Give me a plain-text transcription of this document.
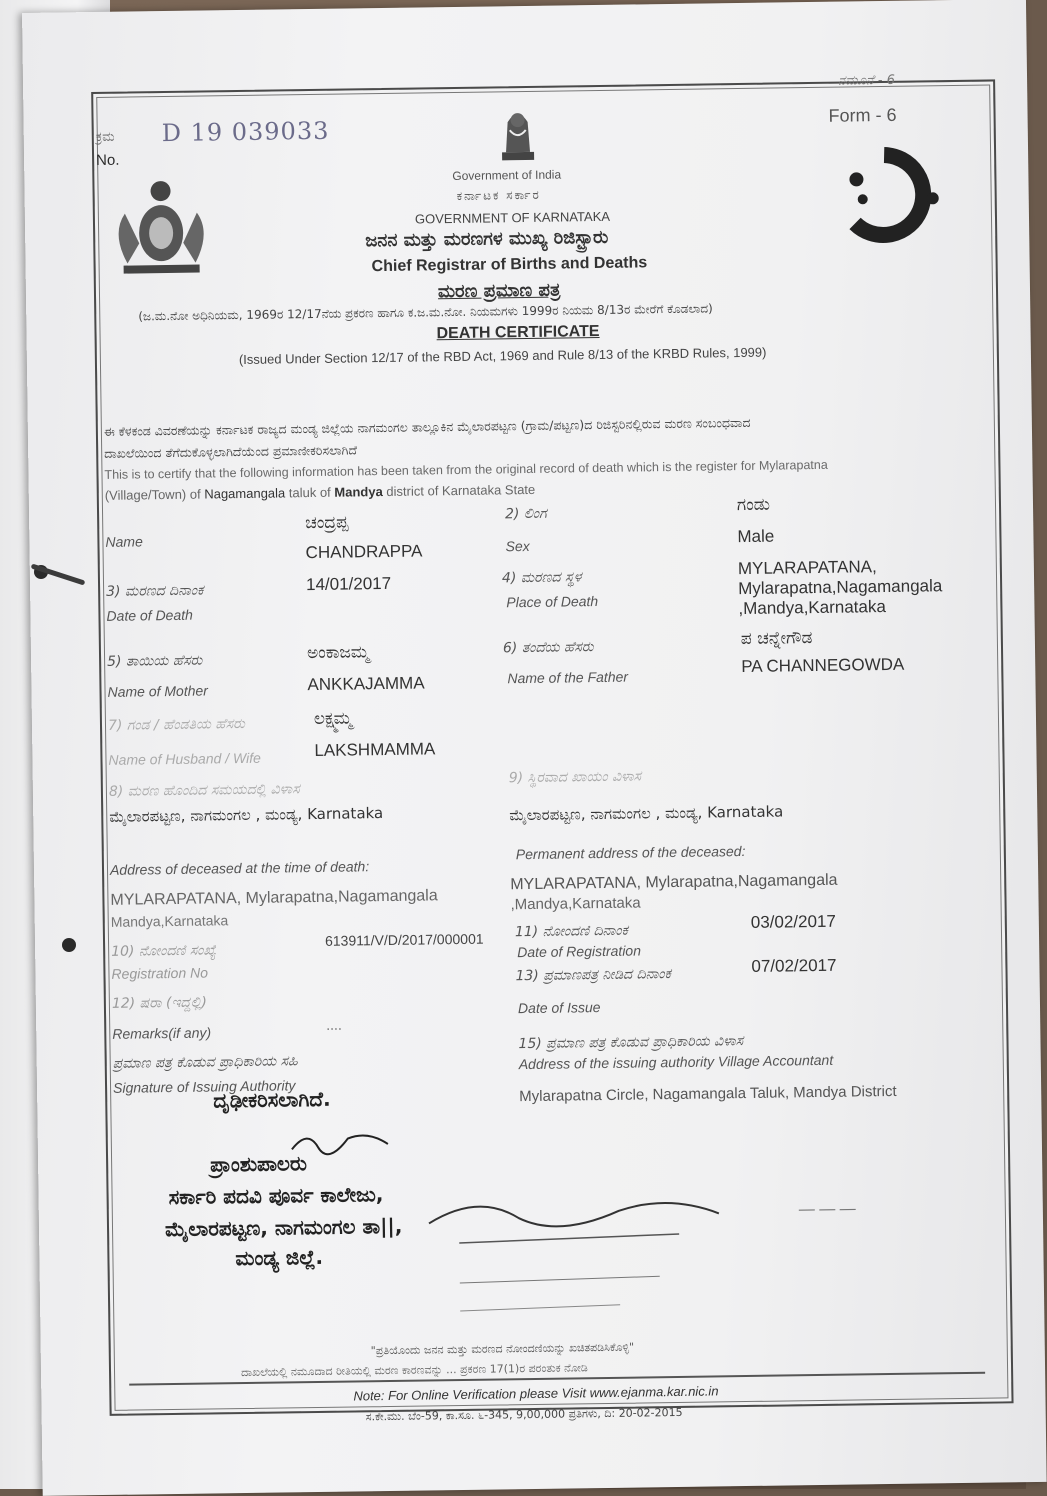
ಕ್ರಮ
No.
D 19 039033
ನಮೂನೆ - 6
Form - 6
Government of India
ಕರ್ನಾಟಕ ಸರ್ಕಾರ
GOVERNMENT OF KARNATAKA
ಜನನ ಮತ್ತು ಮರಣಗಳ ಮುಖ್ಯ ರಿಜಿಸ್ಟ್ರಾರು
Chief Registrar of Births and Deaths
ಮರಣ ಪ್ರಮಾಣ ಪತ್ರ
(ಜ.ಮ.ನೋ ಅಧಿನಿಯಮ, 1969ರ 12/17ನೆಯ ಪ್ರಕರಣ ಹಾಗೂ ಕ.ಜ.ಮ.ನೋ. ನಿಯಮಗಳು 1999ರ ನಿಯಮ 8/13ರ ಮೇರೆಗೆ ಕೊಡಲಾದ)
DEATH CERTIFICATE
(Issued Under Section 12/17 of the RBD Act, 1969 and Rule 8/13 of the KRBD Rules, 1999)
ಈ ಕೆಳಕಂಡ ವಿವರಣೆಯನ್ನು ಕರ್ನಾಟಕ ರಾಜ್ಯದ ಮಂಡ್ಯ ಜಿಲ್ಲೆಯ ನಾಗಮಂಗಲ ತಾಲ್ಲೂಕಿನ ಮೈಲಾರಪಟ್ಟಣ (ಗ್ರಾಮ/ಪಟ್ಟಣ)ದ ರಿಜಿಸ್ಟರಿನಲ್ಲಿರುವ ಮರಣ ಸಂಬಂಧವಾದ
ದಾಖಲೆಯಿಂದ ತೆಗೆದುಕೊಳ್ಳಲಾಗಿದೆಯೆಂದ ಪ್ರಮಾಣೀಕರಿಸಲಾಗಿದೆ
This is to certify that the following information has been taken from the original record of death which is the register for Mylarapatna
(Village/Town) of Nagamangala taluk of Mandya district of Karnataka State
Name
ಚಂದ್ರಪ್ಪ
CHANDRAPPA
2) ಲಿಂಗ
Sex
ಗಂಡು
Male
3) ಮರಣದ ದಿನಾಂಕ
Date of Death
14/01/2017	4) ಮರಣದ ಸ್ಥಳ
Place of Death
MYLARAPATANA,
Mylarapatna,Nagamangala
,Mandya,Karnataka
5) ತಾಯಿಯ ಹೆಸರು
Name of Mother
ಅಂಕಾಜಮ್ಮ
ANKKAJAMMA
6) ತಂದೆಯ ಹೆಸರು
Name of the Father
ಪ ಚನ್ನೇಗೌಡ
PA CHANNEGOWDA
7) ಗಂಡ / ಹೆಂಡತಿಯ ಹೆಸರು
Name of Husband / Wife
ಲಕ್ಷ್ಮಮ್ಮ
LAKSHMAMMA
8) ಮರಣ ಹೊಂದಿದ ಸಮಯದಲ್ಲಿ ವಿಳಾಸ
ಮೈಲಾರಪಟ್ಟಣ, ನಾಗಮಂಗಲ , ಮಂಡ್ಯ, Karnataka
9) ಸ್ಥಿರವಾದ ಖಾಯಂ ವಿಳಾಸ
ಮೈಲಾರಪಟ್ಟಣ, ನಾಗಮಂಗಲ , ಮಂಡ್ಯ, Karnataka
Address of deceased at the time of death:
Permanent address of the deceased:
MYLARAPATANA, Mylarapatna,Nagamangala
Mandya,Karnataka
MYLARAPATANA, Mylarapatna,Nagamangala
,Mandya,Karnataka
10) ನೋಂದಣಿ ಸಂಖ್ಯೆ
Registration No
613911/V/D/2017/000001 11) ನೋಂದಣಿ ದಿನಾಂಕ
Date of Registration
03/02/2017
12) ಷರಾ (ಇದ್ದಲ್ಲಿ)
Remarks(if any)	....
13) ಪ್ರಮಾಣಪತ್ರ ನೀಡಿದ ದಿನಾಂಕ
Date of Issue
07/02/2017
ಪ್ರಮಾಣ ಪತ್ರ ಕೊಡುವ ಪ್ರಾಧಿಕಾರಿಯ ಸಹಿ
Signature of Issuing Authority
15) ಪ್ರಮಾಣ ಪತ್ರ ಕೊಡುವ ಪ್ರಾಧಿಕಾರಿಯ ವಿಳಾಸ
Address of the issuing authority Village Accountant
Mylarapatna Circle, Nagamangala Taluk, Mandya District
ದೃಢೀಕರಿಸಲಾಗಿದೆ.
ಪ್ರಾಂಶುಪಾಲರು
ಸರ್ಕಾರಿ ಪದವಿ ಪೂರ್ವ ಕಾಲೇಜು,
ಮೈಲಾರಪಟ್ಟಣ, ನಾಗಮಂಗಲ ತಾ||,
ಮಂಡ್ಯ ಜಿಲ್ಲೆ.
— — —
"ಪ್ರತಿಯೊಂದು ಜನನ ಮತ್ತು ಮರಣದ ನೋಂದಣಿಯನ್ನು ಖಚಿತಪಡಿಸಿಕೊಳ್ಳಿ"
ದಾಖಲೆಯಲ್ಲಿ ನಮೂದಾದ ರೀತಿಯಲ್ಲಿ ಮರಣ ಕಾರಣವನ್ನು ... ಪ್ರಕರಣ 17(1)ರ ಪರಂತುಕ ನೋಡಿ
Note: For Online Verification please Visit www.ejanma.kar.nic.in
ಸ.ಕೇ.ಮು. ಬೆಂ-59, ಕಾ.ಸೂ. ೬-345, 9,00,000 ಪ್ರತಿಗಳು, ದಿ: 20-02-2015
